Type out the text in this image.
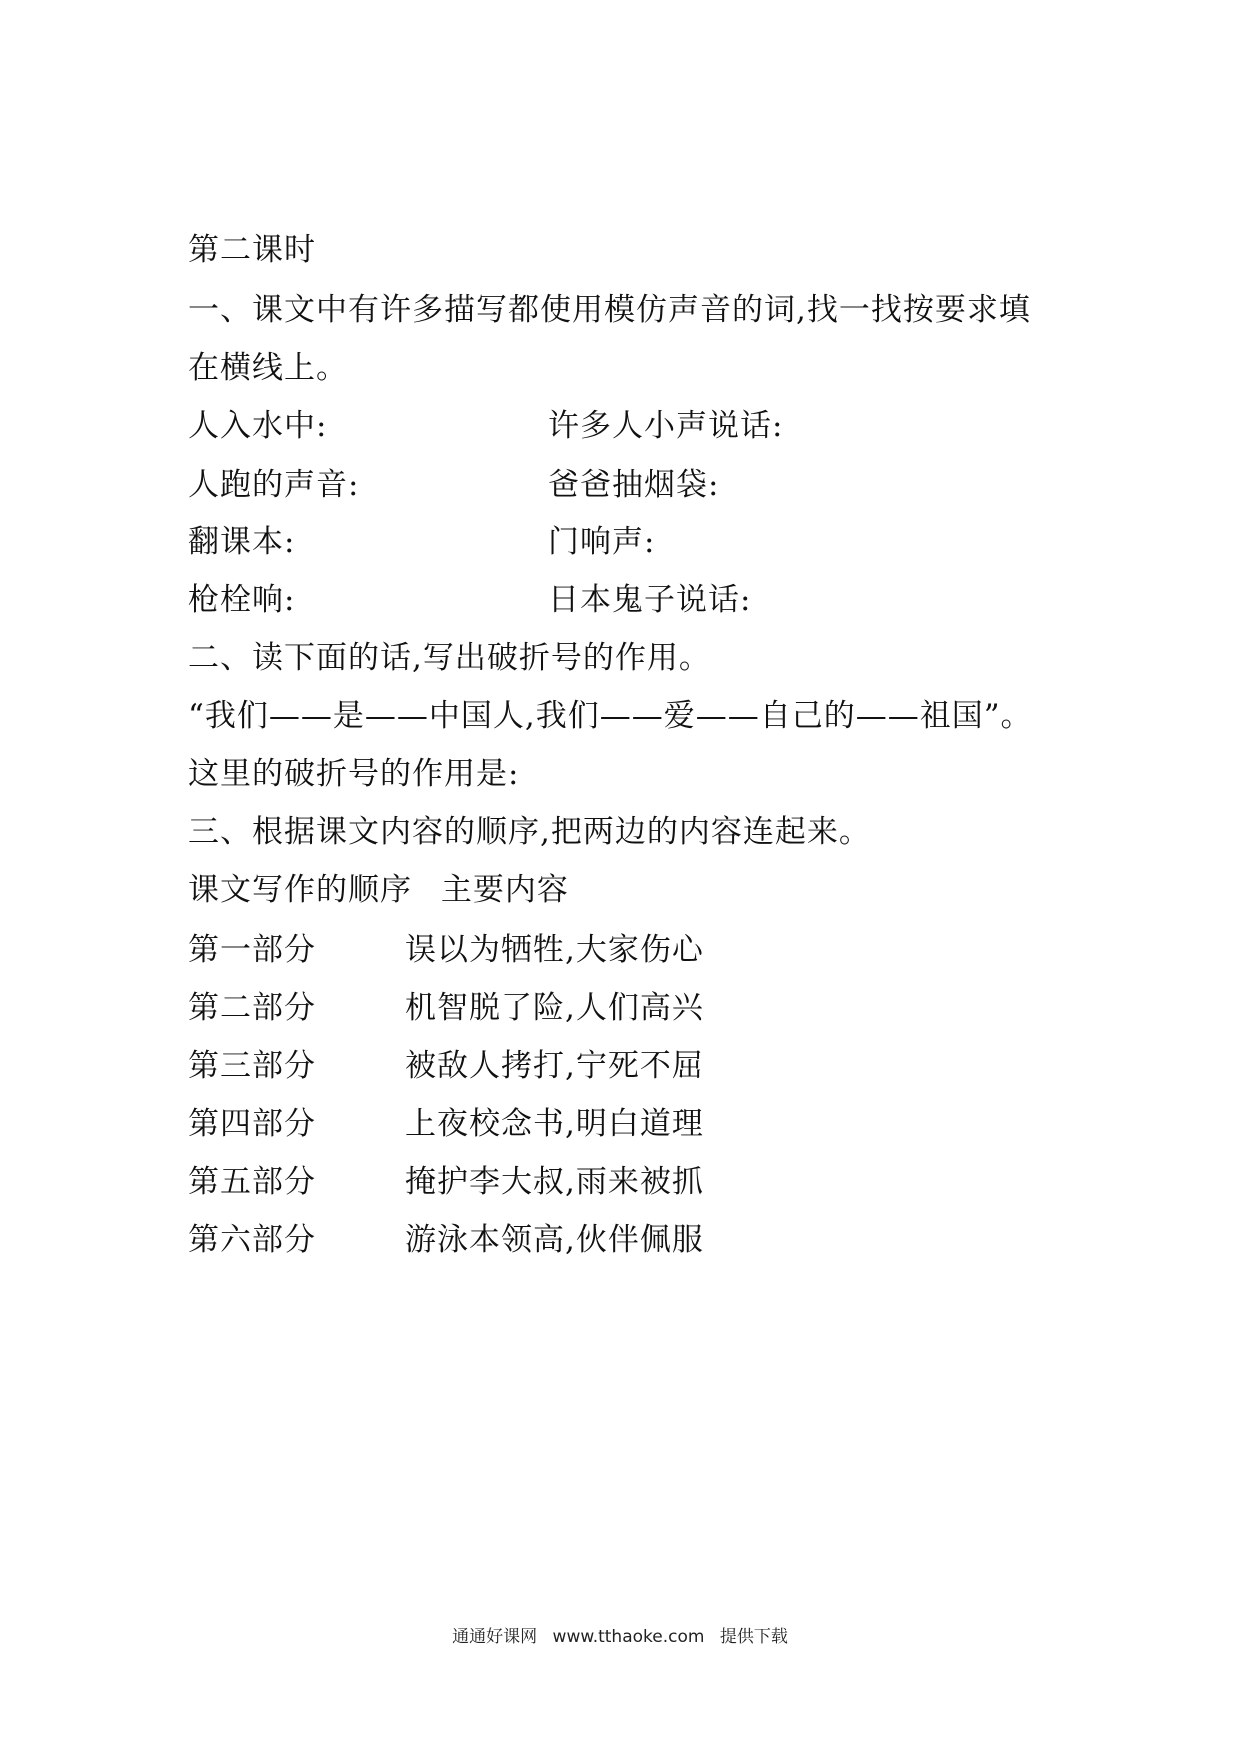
第二课时
一、课文中有许多描写都使用模仿声音的词,找一找按要求填
在横线上。
人入水中:	许多人小声说话:
人跑的声音:	爸爸抽烟袋:
翻课本:	门响声:
枪栓响:	日本鬼子说话:
二、读下面的话,写出破折号的作用。
“我们——是——中国人,我们——爱——自己的——祖国”。
这里的破折号的作用是:
三、根据课文内容的顺序,把两边的内容连起来。
课文写作的顺序 主要内容
第一部分	误以为牺牲,大家伤心
第二部分	机智脱了险,人们高兴
第三部分	被敌人拷打,宁死不屈
第四部分	上夜校念书,明白道理
第五部分	掩护李大叔,雨来被抓
第六部分	游泳本领高,伙伴佩服
通通好课网 www.tthaoke.com 提供下载
